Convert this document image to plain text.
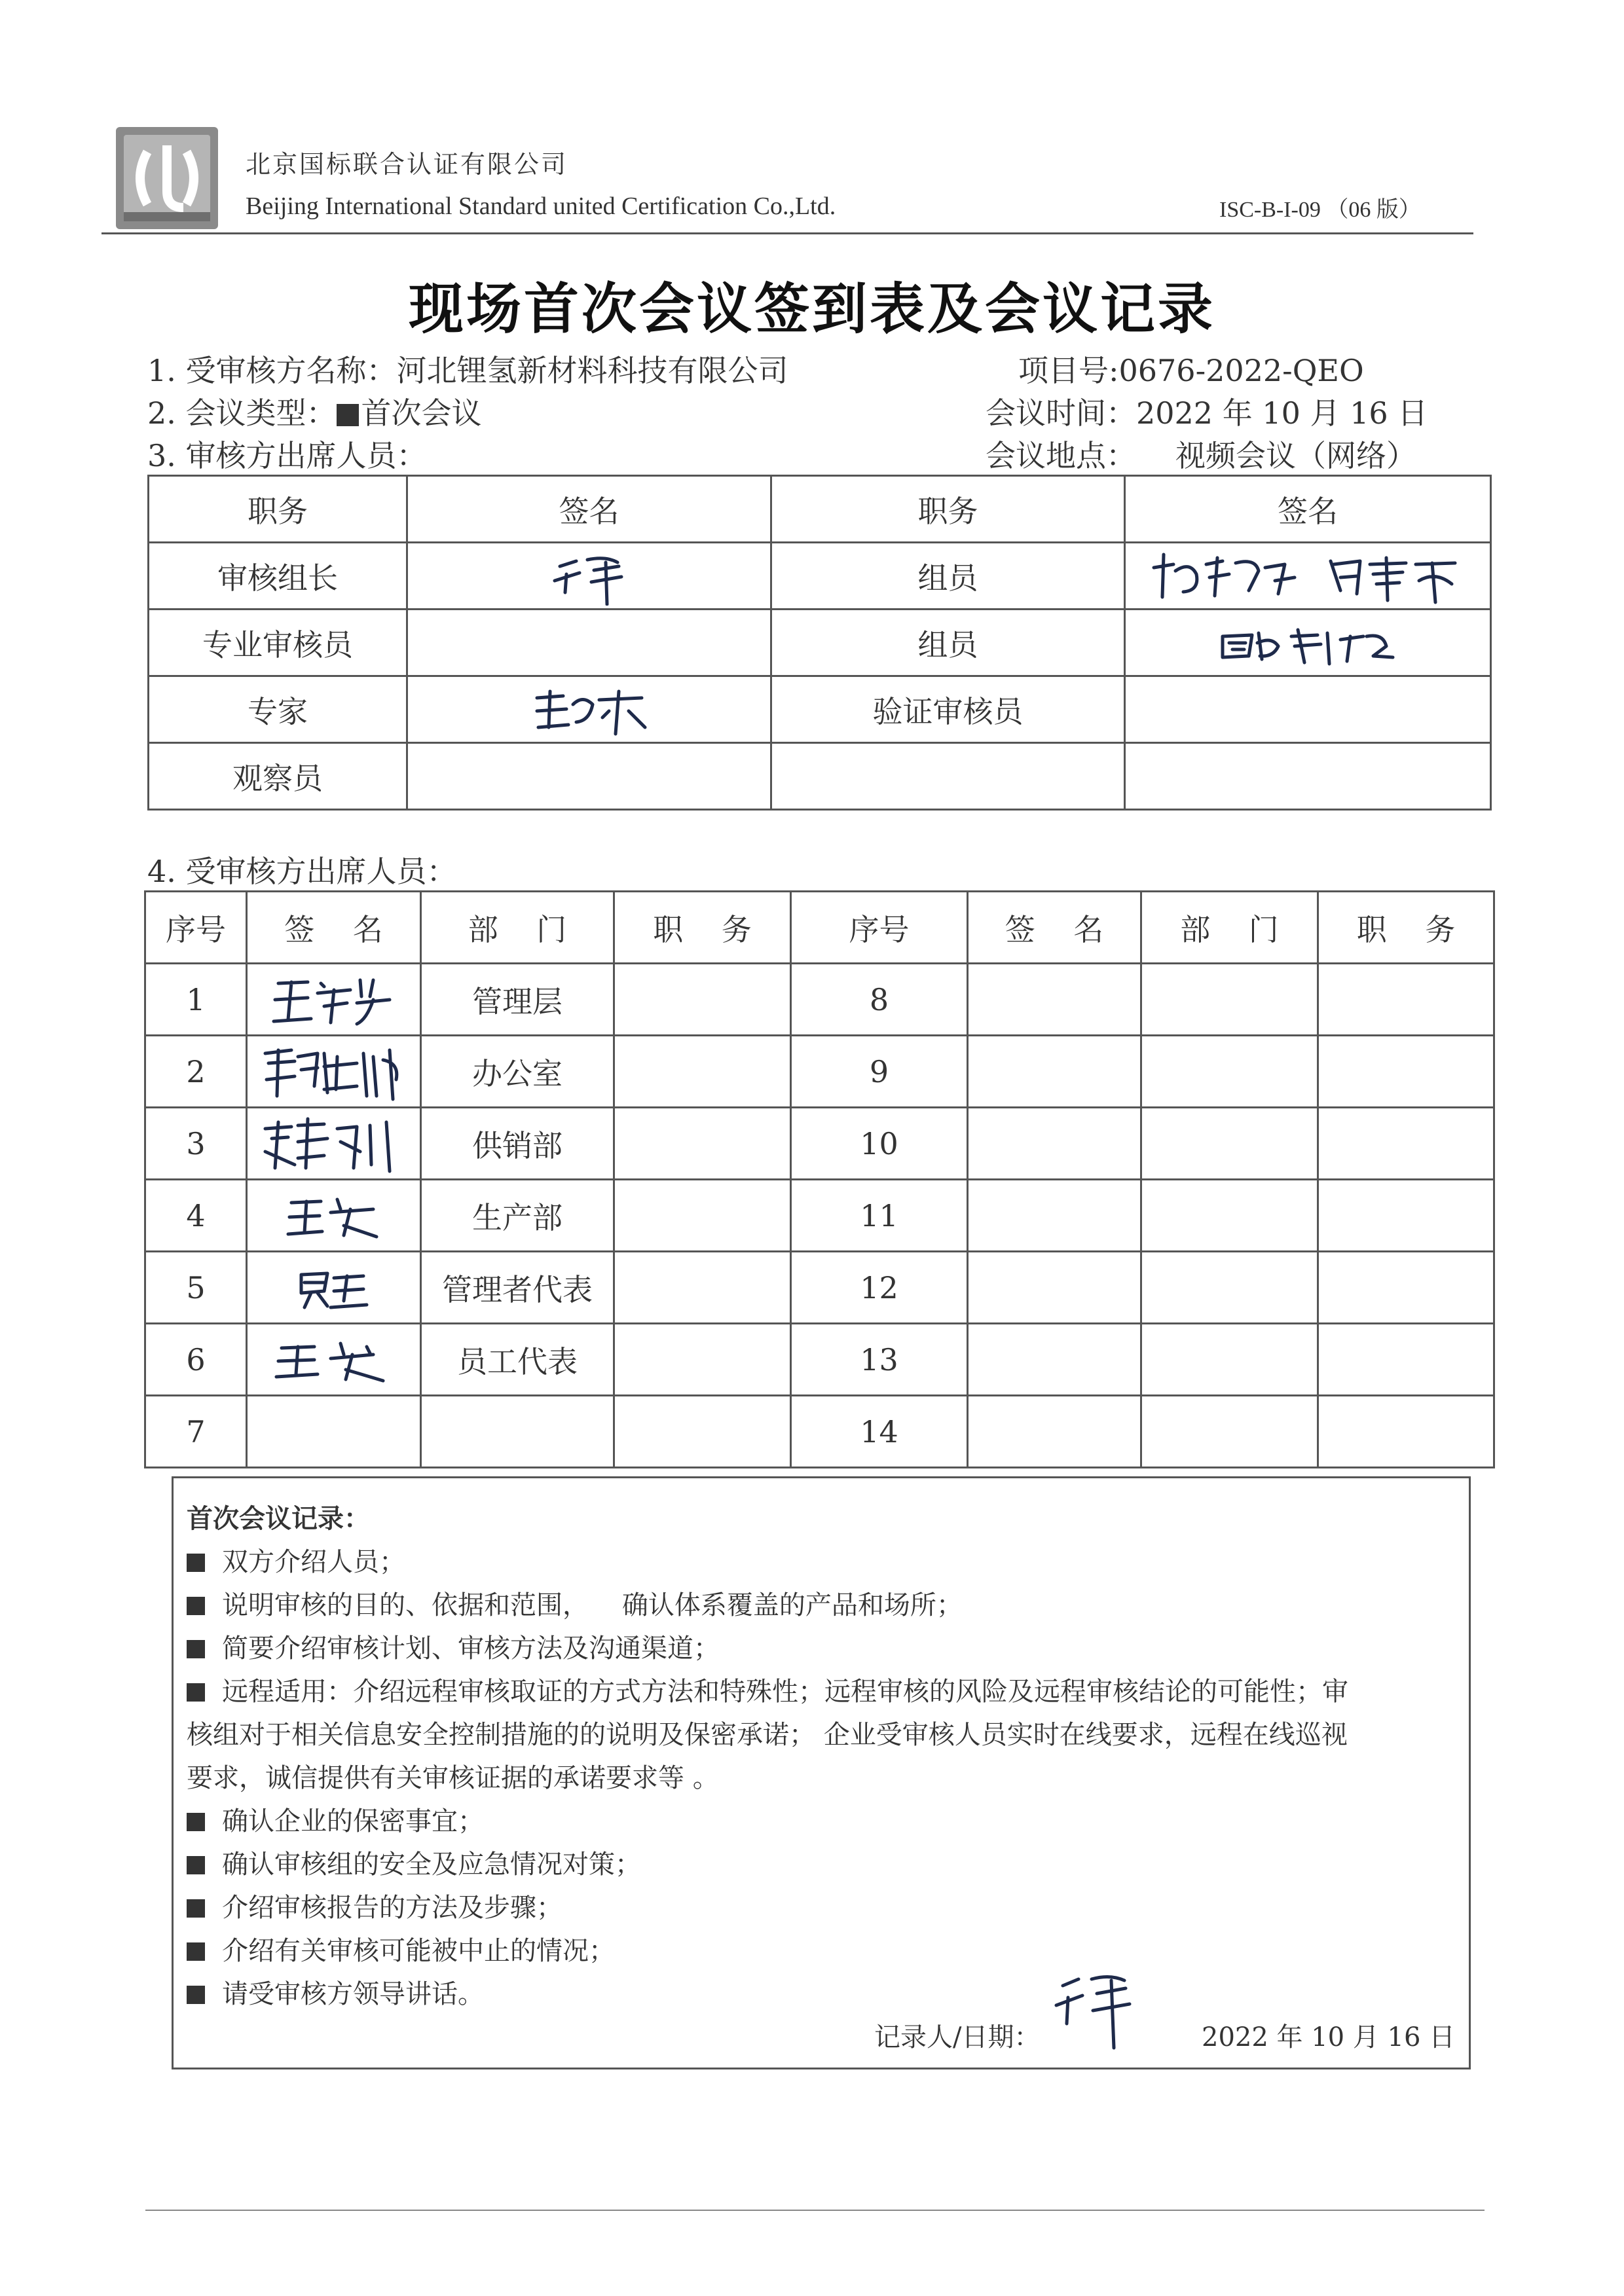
北京国标联合认证有限公司
Beijing International Standard united Certification Co.,Ltd.	ISC-B-I-09 （06 版）
现场首次会议签到表及会议记录
1. 受审核方名称：河北锂氢新材料科技有限公司	项目号:0676-2022-QEO
2. 会议类型： 首次会议	会议时间：2022 年 10 月 16 日
3. 审核方出席人员：	会议地点： 视频会议（网络）
职务	签名	职务	签名
审核组长		组员	
专业审核员		组员	
专家		验证审核员	
观察员			
4. 受审核方出席人员：
序号	签    名	部    门	职    务	序号	签    名	部    门	职    务
1		管理层		8			
2		办公室		9			
3		供销部		10			
4		生产部		11			
5		管理者代表		12			
6		员工代表		13			
7				14			
首次会议记录：
双方介绍人员；
说明审核的目的、依据和范围，    确认体系覆盖的产品和场所；
简要介绍审核计划、审核方法及沟通渠道；
远程适用：介绍远程审核取证的方式方法和特殊性；远程审核的风险及远程审核结论的可能性；审
核组对于相关信息安全控制措施的的说明及保密承诺； 企业受审核人员实时在线要求，远程在线巡视
要求，诚信提供有关审核证据的承诺要求等 。
确认企业的保密事宜；
确认审核组的安全及应急情况对策；
介绍审核报告的方法及步骤；
介绍有关审核可能被中止的情况；
请受审核方领导讲话。
记录人/日期：	2022 年 10 月 16 日
